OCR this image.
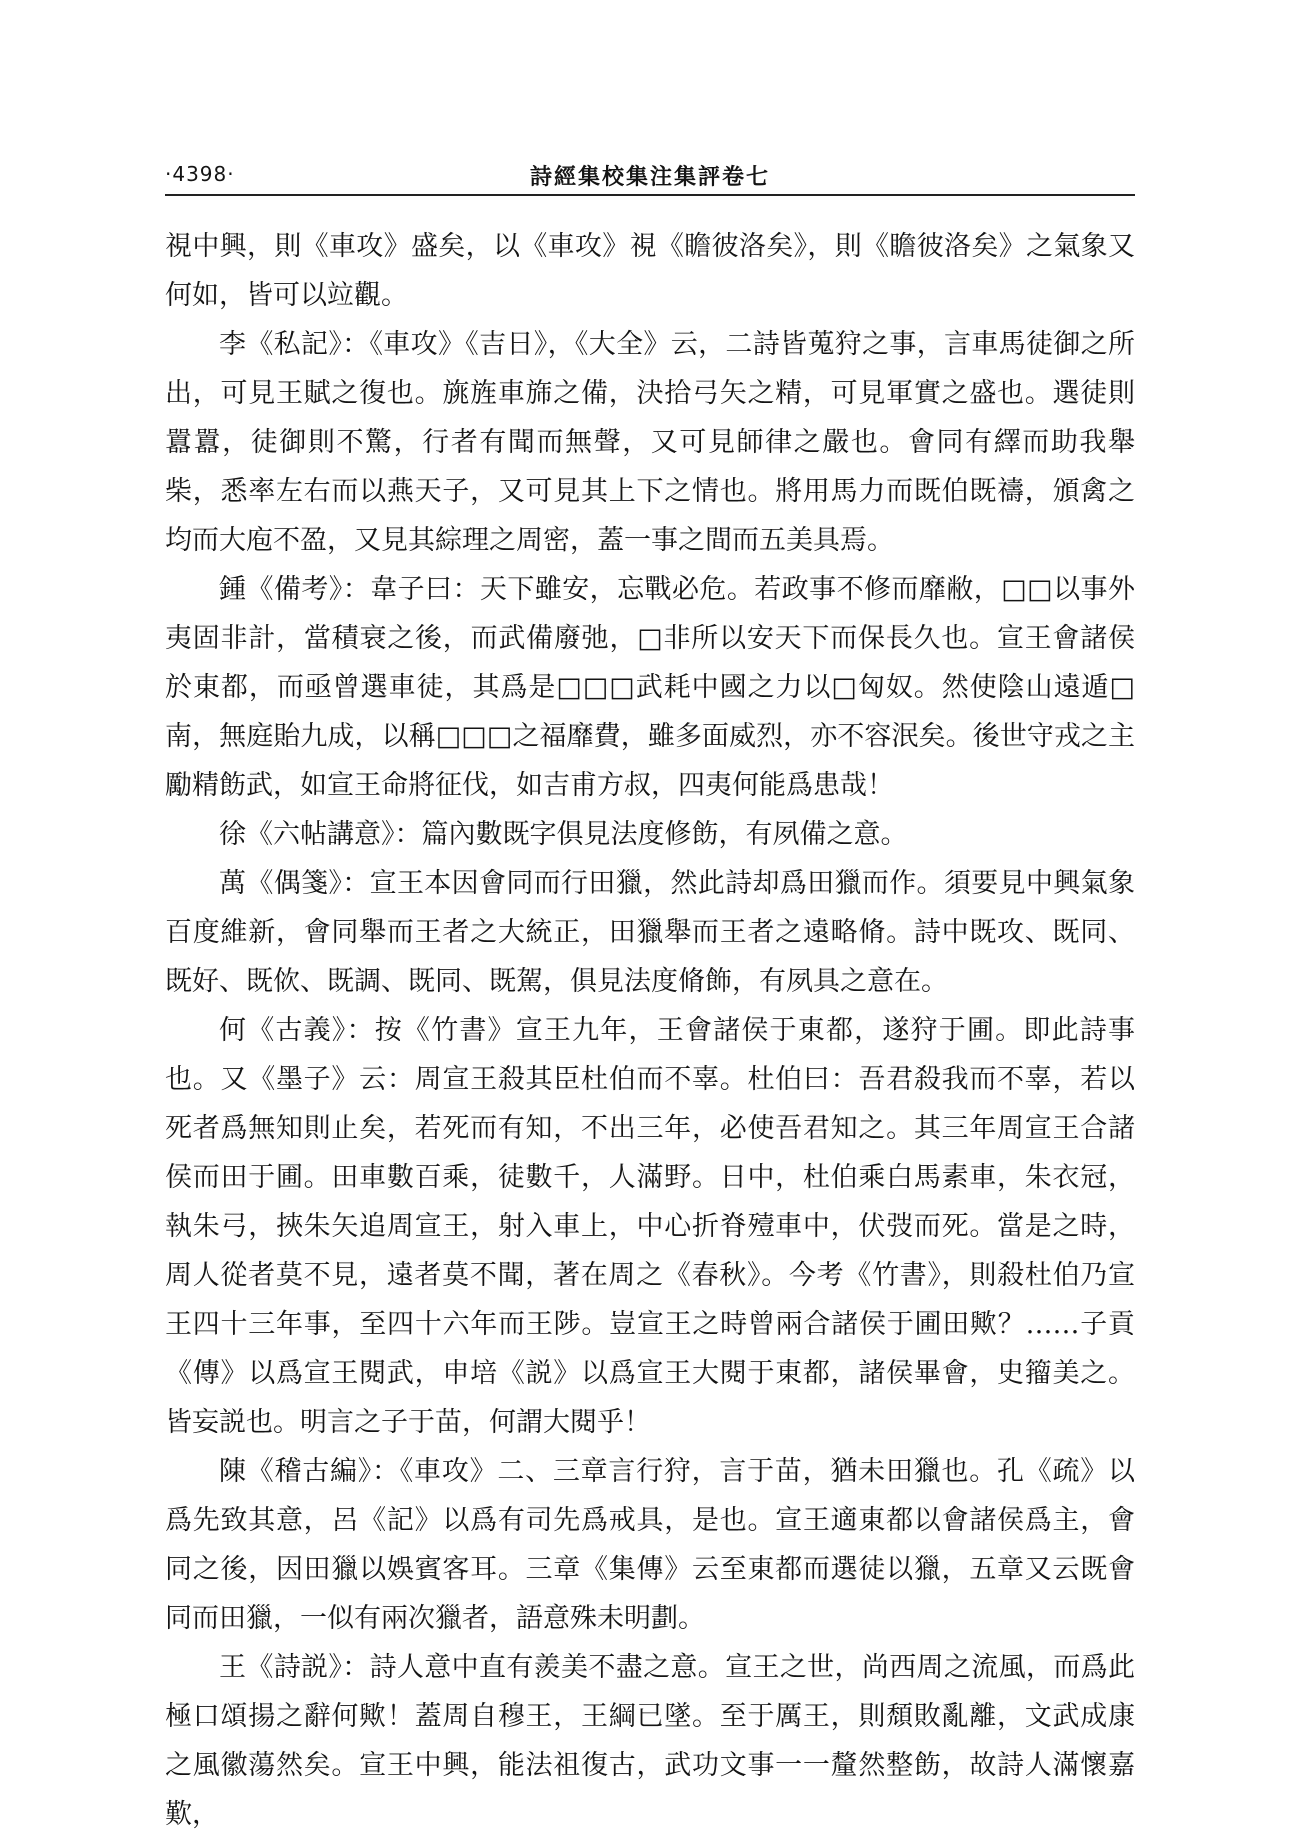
·4398·	詩經集校集注集評卷七

視中興，則《車攻》盛矣，以《車攻》視《瞻彼洛矣》，則《瞻彼洛矣》之氣象又何如，皆可以竝觀。

李《私記》：《車攻》《吉日》，《大全》云，二詩皆蒐狩之事，言車馬徒御之所出，可見王賦之復也。旐旌車旆之備，決拾弓矢之精，可見軍實之盛也。選徒則囂囂，徒御則不驚，行者有聞而無聲，又可見師律之嚴也。會同有繹而助我舉柴，悉率左右而以燕天子，又可見其上下之情也。將用馬力而既伯既禱，頒禽之均而大庖不盈，又見其綜理之周密，蓋一事之間而五美具焉。

鍾《備考》：韋子曰：天下雖安，忘戰必危。若政事不修而靡敝，□□以事外夷固非計，當積衰之後，而武備廢弛，□非所以安天下而保長久也。宣王會諸侯於東都，而亟曾選車徒，其爲是□□□武耗中國之力以□匈奴。然使陰山遠遁□南，無庭貽九成，以稱□□□之福靡費，雖多面威烈，亦不容泯矣。後世守戎之主勵精飭武，如宣王命將征伐，如吉甫方叔，四夷何能爲患哉！

徐《六帖講意》：篇內數既字俱見法度修飭，有夙備之意。

萬《偶箋》：宣王本因會同而行田獵，然此詩却爲田獵而作。須要見中興氣象百度維新，會同舉而王者之大統正，田獵舉而王者之遠略脩。詩中既攻、既同、既好、既佽、既調、既同、既駕，俱見法度脩飾，有夙具之意在。

何《古義》：按《竹書》宣王九年，王會諸侯于東都，遂狩于圃。即此詩事也。又《墨子》云：周宣王殺其臣杜伯而不辜。杜伯曰：吾君殺我而不辜，若以死者爲無知則止矣，若死而有知，不出三年，必使吾君知之。其三年周宣王合諸侯而田于圃。田車數百乘，徒數千，人滿野。日中，杜伯乘白馬素車，朱衣冠，執朱弓，挾朱矢追周宣王，射入車上，中心折脊殪車中，伏弢而死。當是之時，周人從者莫不見，遠者莫不聞，著在周之《春秋》。今考《竹書》，則殺杜伯乃宣王四十三年事，至四十六年而王陟。豈宣王之時曾兩合諸侯于圃田歟？……子貢《傳》以爲宣王閱武，申培《説》以爲宣王大閱于東都，諸侯畢會，史籀美之。皆妄説也。明言之子于苗，何謂大閱乎！

陳《稽古編》：《車攻》二、三章言行狩，言于苗，猶未田獵也。孔《疏》以爲先致其意，呂《記》以爲有司先爲戒具，是也。宣王適東都以會諸侯爲主，會同之後，因田獵以娛賓客耳。三章《集傳》云至東都而選徒以獵，五章又云既會同而田獵，一似有兩次獵者，語意殊未明劃。

王《詩説》：詩人意中直有羨美不盡之意。宣王之世，尚西周之流風，而爲此極口頌揚之辭何歟！蓋周自穆王，王綱已墜。至于厲王，則頹敗亂離，文武成康之風徽蕩然矣。宣王中興，能法祖復古，武功文事一一釐然整飭，故詩人滿懷嘉歎，
